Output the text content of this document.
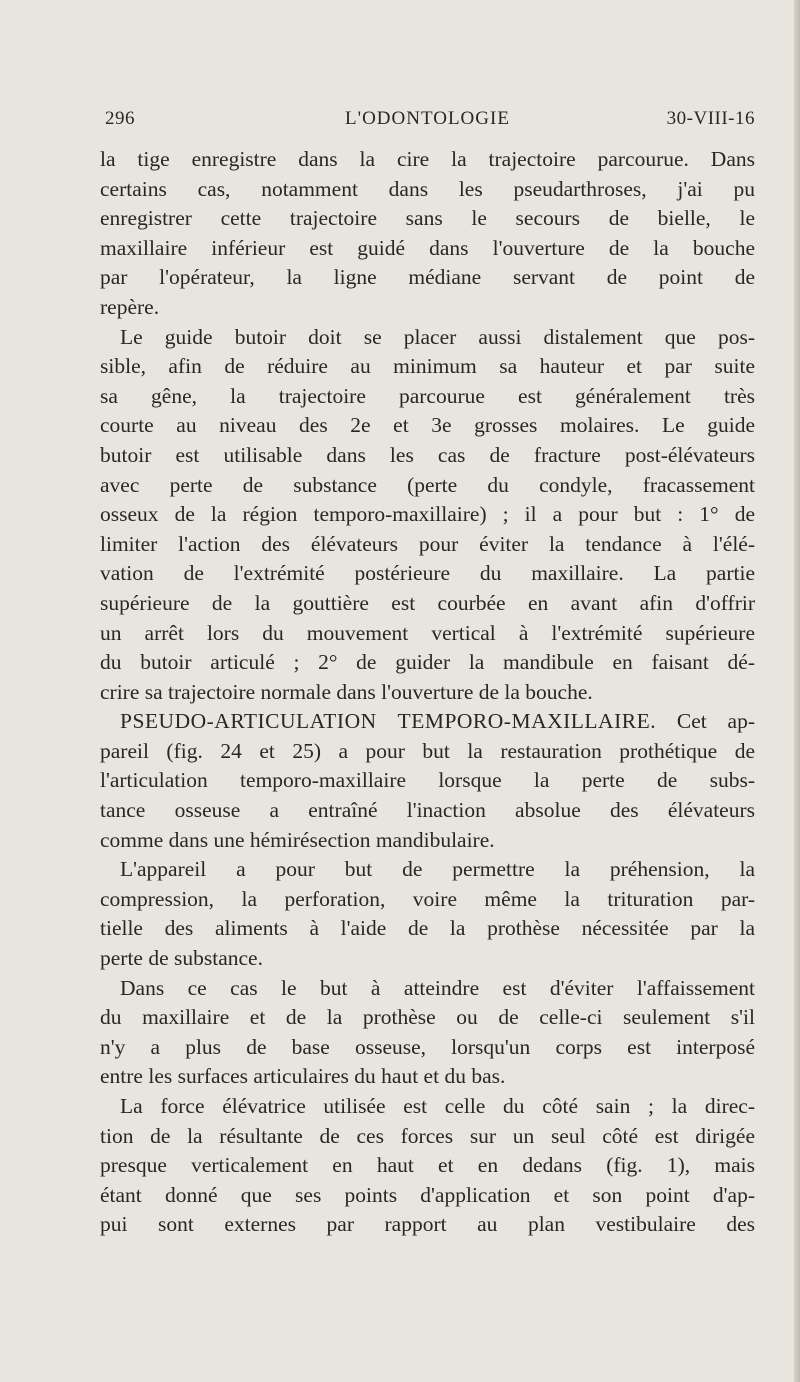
296	L'ODONTOLOGIE	30-VIII-16
la tige enregistre dans la cire la trajectoire parcourue. Dans
certains cas, notamment dans les pseudarthroses, j'ai pu
enregistrer cette trajectoire sans le secours de bielle, le
maxillaire inférieur est guidé dans l'ouverture de la bouche
par l'opérateur, la ligne médiane servant de point de
repère.
Le guide butoir doit se placer aussi distalement que pos-
sible, afin de réduire au minimum sa hauteur et par suite
sa gêne, la trajectoire parcourue est généralement très
courte au niveau des 2e et 3e grosses molaires. Le guide
butoir est utilisable dans les cas de fracture post-élévateurs
avec perte de substance (perte du condyle, fracassement
osseux de la région temporo-maxillaire) ; il a pour but : 1° de
limiter l'action des élévateurs pour éviter la tendance à l'élé-
vation de l'extrémité postérieure du maxillaire. La partie
supérieure de la gouttière est courbée en avant afin d'offrir
un arrêt lors du mouvement vertical à l'extrémité supérieure
du butoir articulé ; 2° de guider la mandibule en faisant dé-
crire sa trajectoire normale dans l'ouverture de la bouche.
PSEUDO-ARTICULATION TEMPORO-MAXILLAIRE. Cet ap-
pareil (fig. 24 et 25) a pour but la restauration prothétique de
l'articulation temporo-maxillaire lorsque la perte de subs-
tance osseuse a entraîné l'inaction absolue des élévateurs
comme dans une hémirésection mandibulaire.
L'appareil a pour but de permettre la préhension, la
compression, la perforation, voire même la trituration par-
tielle des aliments à l'aide de la prothèse nécessitée par la
perte de substance.
Dans ce cas le but à atteindre est d'éviter l'affaissement
du maxillaire et de la prothèse ou de celle-ci seulement s'il
n'y a plus de base osseuse, lorsqu'un corps est interposé
entre les surfaces articulaires du haut et du bas.
La force élévatrice utilisée est celle du côté sain ; la direc-
tion de la résultante de ces forces sur un seul côté est dirigée
presque verticalement en haut et en dedans (fig. 1), mais
étant donné que ses points d'application et son point d'ap-
pui sont externes par rapport au plan vestibulaire des
